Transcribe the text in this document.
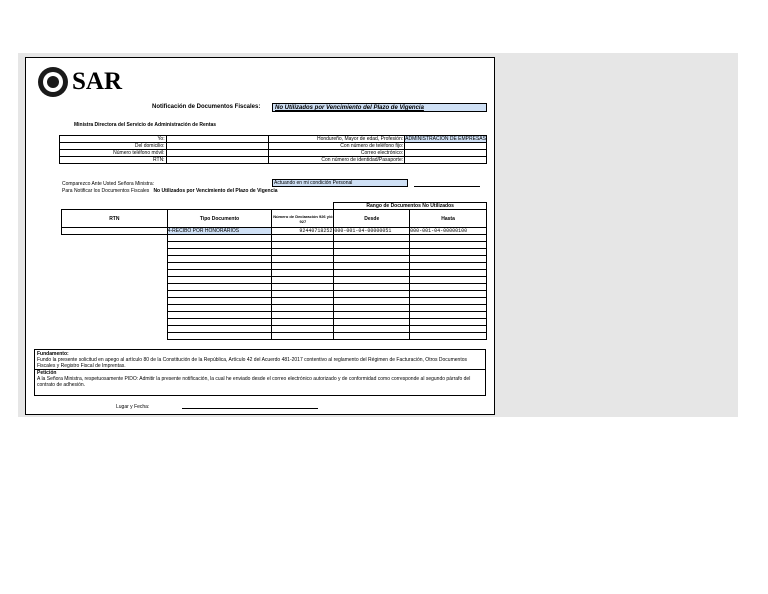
SAR
Notificación de Documentos Fiscales:	No Utilizados por Vencimiento del Plazo de Vigencia
Ministra Directora del Servicio de Administración de Rentas
Yo:		Hondureño, Mayor de edad, Profesión:	ADMINISTRACION DE EMPRESAS
Del domicilio:		Con número de teléfono fijo:	
Número teléfono móvil:		Correo electrónico:	
RTN:		Con número de identidad/Pasaporte:	
Comparezco Ante Usted Señora Ministra:	Actuando en mi condición Personal
Para Notificar los Documentos Fiscales No Utilizados por Vencimiento del Plazo de Vigencia
			Rango de Documentos No Utilizados	
RTN	Tipo Documento	Número de Declaración 926 y/ó 927	Desde	Hasta
	4-RECIBO POR HONORARIOS	92440718252	000-001-04-00000051	000-001-04-00000100

Fundamento:
Fundo la presente solicitud en apego al artículo 80 de la Constitución de la República, Artículo 42 del Acuerdo 481-2017 contentivo al reglamento del Régimen de Facturación, Otros Documentos Fiscales y Registro Fiscal de Imprentas.
Petición
A la Señora Ministra, respetuosamente PIDO: Admitir la presente notificación, la cual he enviado desde el correo electrónico autorizado y de conformidad como corresponde al segundo párrafo del contrato de adhesión.
Lugar y Fecha:
